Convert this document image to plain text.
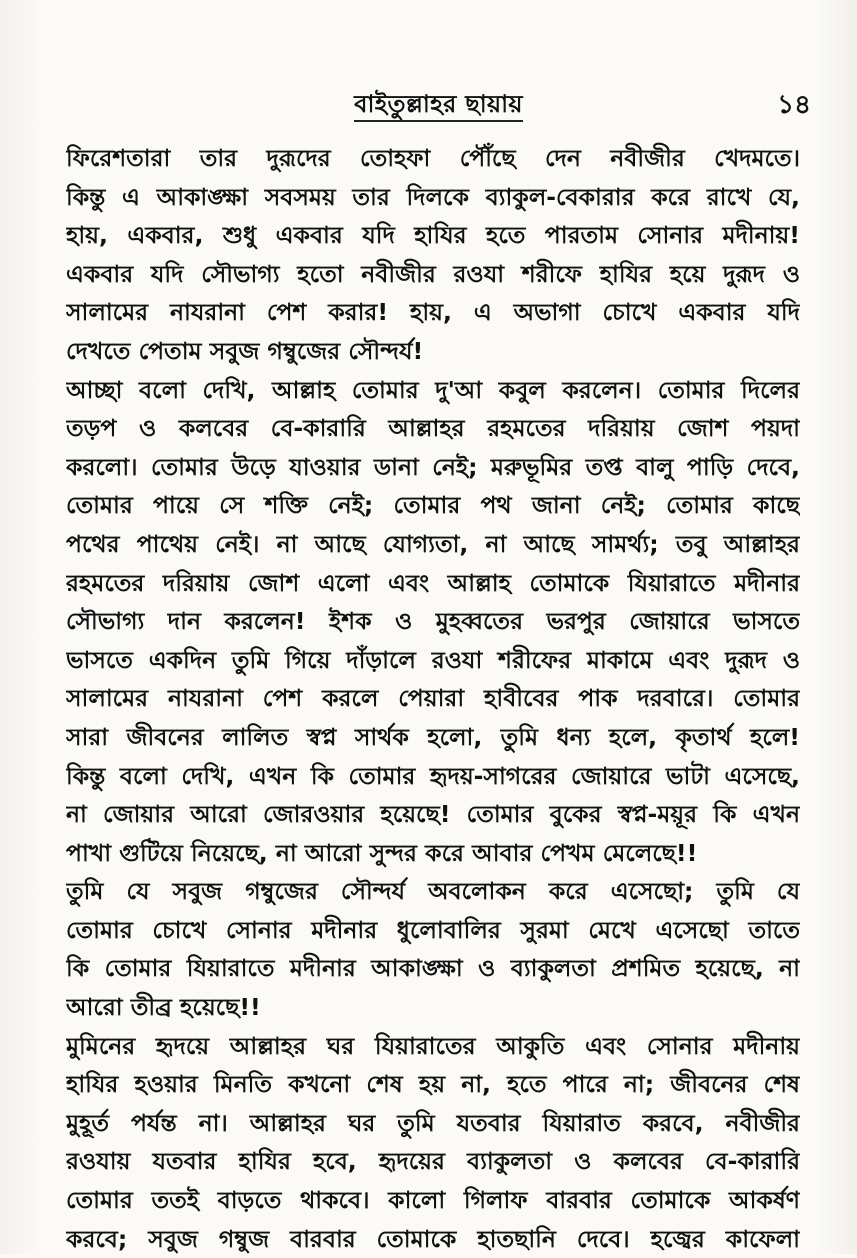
বাইতুল্লাহর ছায়ায়	১৪
ফিরেশতারা তার দুরূদের তোহফা পৌঁছে দেন নবীজীর খেদমতে।
কিন্তু এ আকাঙ্ক্ষা সবসময় তার দিলকে ব্যাকুল-বেকারার করে রাখে যে,
হায়, একবার, শুধু একবার যদি হাযির হতে পারতাম সোনার মদীনায়!
একবার যদি সৌভাগ্য হতো নবীজীর রওযা শরীফে হাযির হয়ে দুরূদ ও
সালামের নাযরানা পেশ করার! হায়, এ অভাগা চোখে একবার যদি
দেখতে পেতাম সবুজ গম্বুজের সৌন্দর্য!
আচ্ছা বলো দেখি, আল্লাহ তোমার দু'আ কবুল করলেন। তোমার দিলের
তড়প ও কলবের বে-কারারি আল্লাহর রহমতের দরিয়ায় জোশ পয়দা
করলো। তোমার উড়ে যাওয়ার ডানা নেই; মরুভূমির তপ্ত বালু পাড়ি দেবে,
তোমার পায়ে সে শক্তি নেই; তোমার পথ জানা নেই; তোমার কাছে
পথের পাথেয় নেই। না আছে যোগ্যতা, না আছে সামর্থ্য; তবু আল্লাহর
রহমতের দরিয়ায় জোশ এলো এবং আল্লাহ তোমাকে যিয়ারাতে মদীনার
সৌভাগ্য দান করলেন! ইশক ও মুহব্বতের ভরপুর জোয়ারে ভাসতে
ভাসতে একদিন তুমি গিয়ে দাঁড়ালে রওযা শরীফের মাকামে এবং দুরূদ ও
সালামের নাযরানা পেশ করলে পেয়ারা হাবীবের পাক দরবারে। তোমার
সারা জীবনের লালিত স্বপ্ন সার্থক হলো, তুমি ধন্য হলে, কৃতার্থ হলে!
কিন্তু বলো দেখি, এখন কি তোমার হৃদয়-সাগরের জোয়ারে ভাটা এসেছে,
না জোয়ার আরো জোরওয়ার হয়েছে! তোমার বুকের স্বপ্ন-ময়ূর কি এখন
পাখা গুটিয়ে নিয়েছে, না আরো সুন্দর করে আবার পেখম মেলেছে!!
তুমি যে সবুজ গম্বুজের সৌন্দর্য অবলোকন করে এসেছো; তুমি যে
তোমার চোখে সোনার মদীনার ধুলোবালির সুরমা মেখে এসেছো তাতে
কি তোমার যিয়ারাতে মদীনার আকাঙ্ক্ষা ও ব্যাকুলতা প্রশমিত হয়েছে, না
আরো তীব্র হয়েছে!!
মুমিনের হৃদয়ে আল্লাহর ঘর যিয়ারাতের আকুতি এবং সোনার মদীনায়
হাযির হওয়ার মিনতি কখনো শেষ হয় না, হতে পারে না; জীবনের শেষ
মুহূর্ত পর্যন্ত না। আল্লাহর ঘর তুমি যতবার যিয়ারাত করবে, নবীজীর
রওযায় যতবার হাযির হবে, হৃদয়ের ব্যাকুলতা ও কলবের বে-কারারি
তোমার ততই বাড়তে থাকবে। কালো গিলাফ বারবার তোমাকে আকর্ষণ
করবে; সবুজ গম্বুজ বারবার তোমাকে হাতছানি দেবে। হজ্বের কাফেলা
